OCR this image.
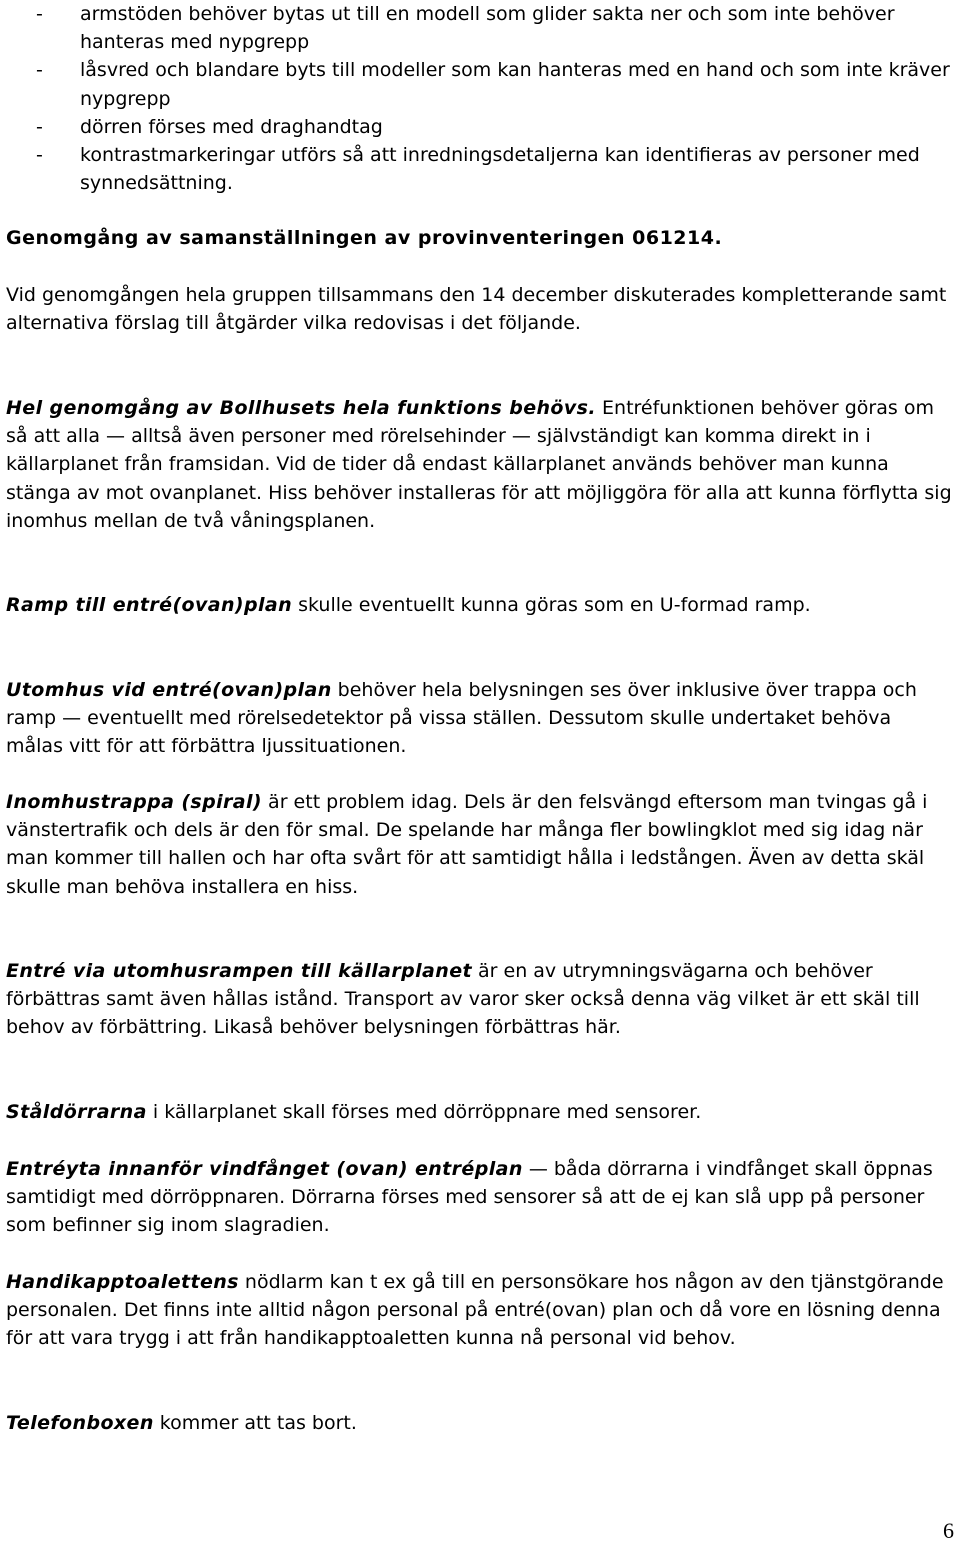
-	armstöden behöver bytas ut till en modell som glider sakta ner och som inte behöver hanteras med nypgrepp
-	låsvred och blandare byts till modeller som kan hanteras med en hand och som inte kräver nypgrepp
-	dörren förses med draghandtag
-	kontrastmarkeringar utförs så att inredningsdetaljerna kan identifieras av personer med synnedsättning.

Genomgång av samanställningen av provinventeringen 061214.

Vid genomgången hela gruppen tillsammans den 14 december diskuterades kompletterande samt alternativa förslag till åtgärder vilka redovisas i det följande.

Hel genomgång av Bollhusets hela funktions behövs. Entréfunktionen behöver göras om så att alla — alltså även personer med rörelsehinder — självständigt kan komma direkt in i källarplanet från framsidan. Vid de tider då endast källarplanet används behöver man kunna stänga av mot ovanplanet. Hiss behöver installeras för att möjliggöra för alla att kunna förflytta sig inomhus mellan de två våningsplanen.

Ramp till entré(ovan)plan skulle eventuellt kunna göras som en U-formad ramp.

Utomhus vid entré(ovan)plan behöver hela belysningen ses över inklusive över trappa och ramp — eventuellt med rörelsedetektor på vissa ställen. Dessutom skulle undertaket behöva målas vitt för att förbättra ljussituationen.

Inomhustrappa (spiral) är ett problem idag. Dels är den felsvängd eftersom man tvingas gå i vänstertrafik och dels är den för smal. De spelande har många fler bowlingklot med sig idag när man kommer till hallen och har ofta svårt för att samtidigt hålla i ledstången. Även av detta skäl skulle man behöva installera en hiss.

Entré via utomhusrampen till källarplanet är en av utrymningsvägarna och behöver förbättras samt även hållas istånd. Transport av varor sker också denna väg vilket är ett skäl till behov av förbättring. Likaså behöver belysningen förbättras här.

Ståldörrarna i källarplanet skall förses med dörröppnare med sensorer.

Entréyta innanför vindfånget (ovan) entréplan — båda dörrarna i vindfånget skall öppnas samtidigt med dörröppnaren. Dörrarna förses med sensorer så att de ej kan slå upp på personer som befinner sig inom slagradien.

Handikapptoalettens nödlarm kan t ex gå till en personsökare hos någon av den tjänstgörande personalen. Det finns inte alltid någon personal på entré(ovan) plan och då vore en lösning denna för att vara trygg i att från handikapptoaletten kunna nå personal vid behov.

Telefonboxen kommer att tas bort.

6
